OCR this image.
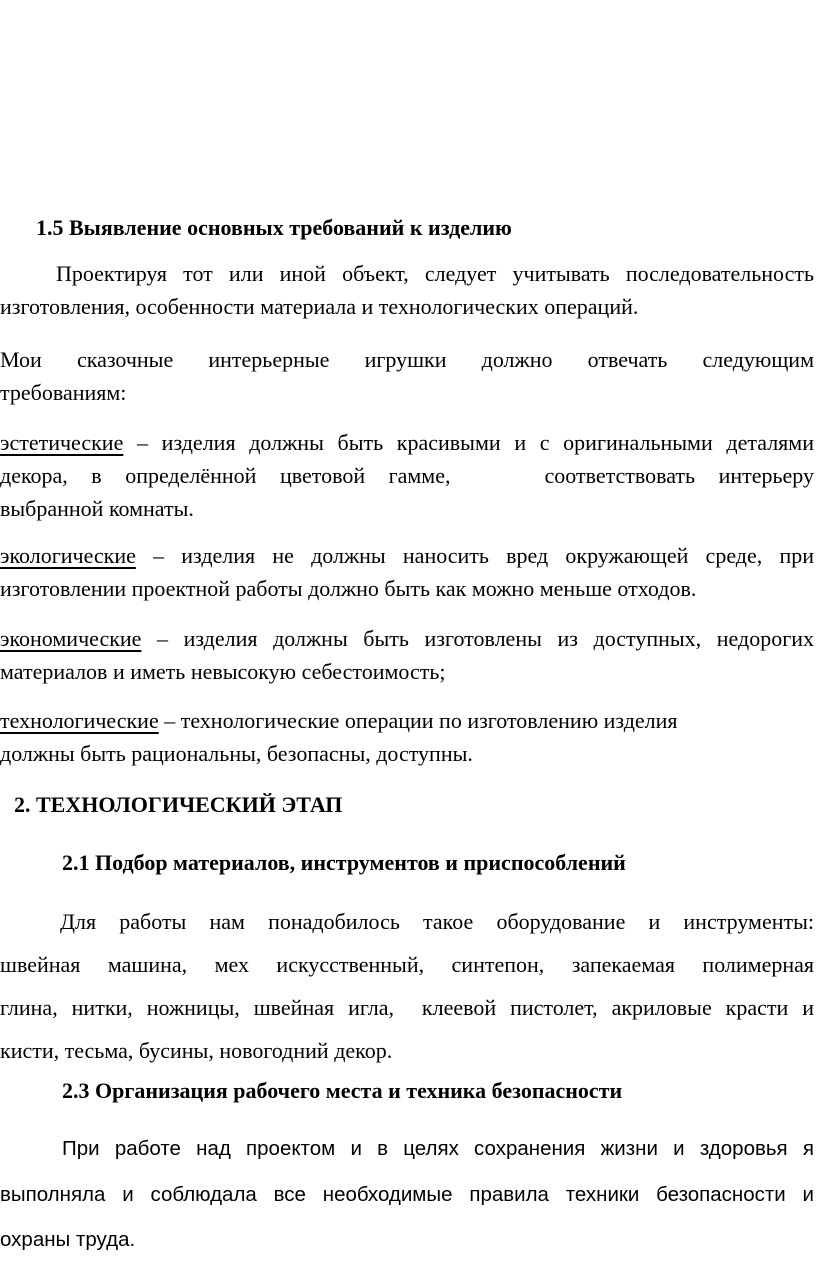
1.5 Выявление основных требований к изделию
Проектируя тот или иной объект, следует учитывать последовательность
изготовления, особенности материала и технологических операций.
Мои сказочные интерьерные игрушки должно отвечать следующим
требованиям:
эстетические – изделия должны быть красивыми и с оригинальными деталями
декора, в определённой цветовой гамме,    соответствовать интерьеру
выбранной комнаты.
экологические – изделия не должны наносить вред окружающей среде, при
изготовлении проектной работы должно быть как можно меньше отходов.
экономические – изделия должны быть изготовлены из доступных, недорогих
материалов и иметь невысокую себестоимость;
технологические – технологические операции по изготовлению изделия
должны быть рациональны, безопасны, доступны.
2. ТЕХНОЛОГИЧЕСКИЙ ЭТАП
2.1 Подбор материалов, инструментов и приспособлений
Для работы нам понадобилось такое оборудование и инструменты:
швейная машина, мех искусственный, синтепон, запекаемая полимерная
глина, нитки, ножницы, швейная игла,  клеевой пистолет, акриловые красти и
кисти, тесьма, бусины, новогодний декор.
2.3 Организация рабочего места и техника безопасности
При работе над проектом и в целях сохранения жизни и здоровья я
выполняла и соблюдала все необходимые правила техники безопасности и
охраны труда.
